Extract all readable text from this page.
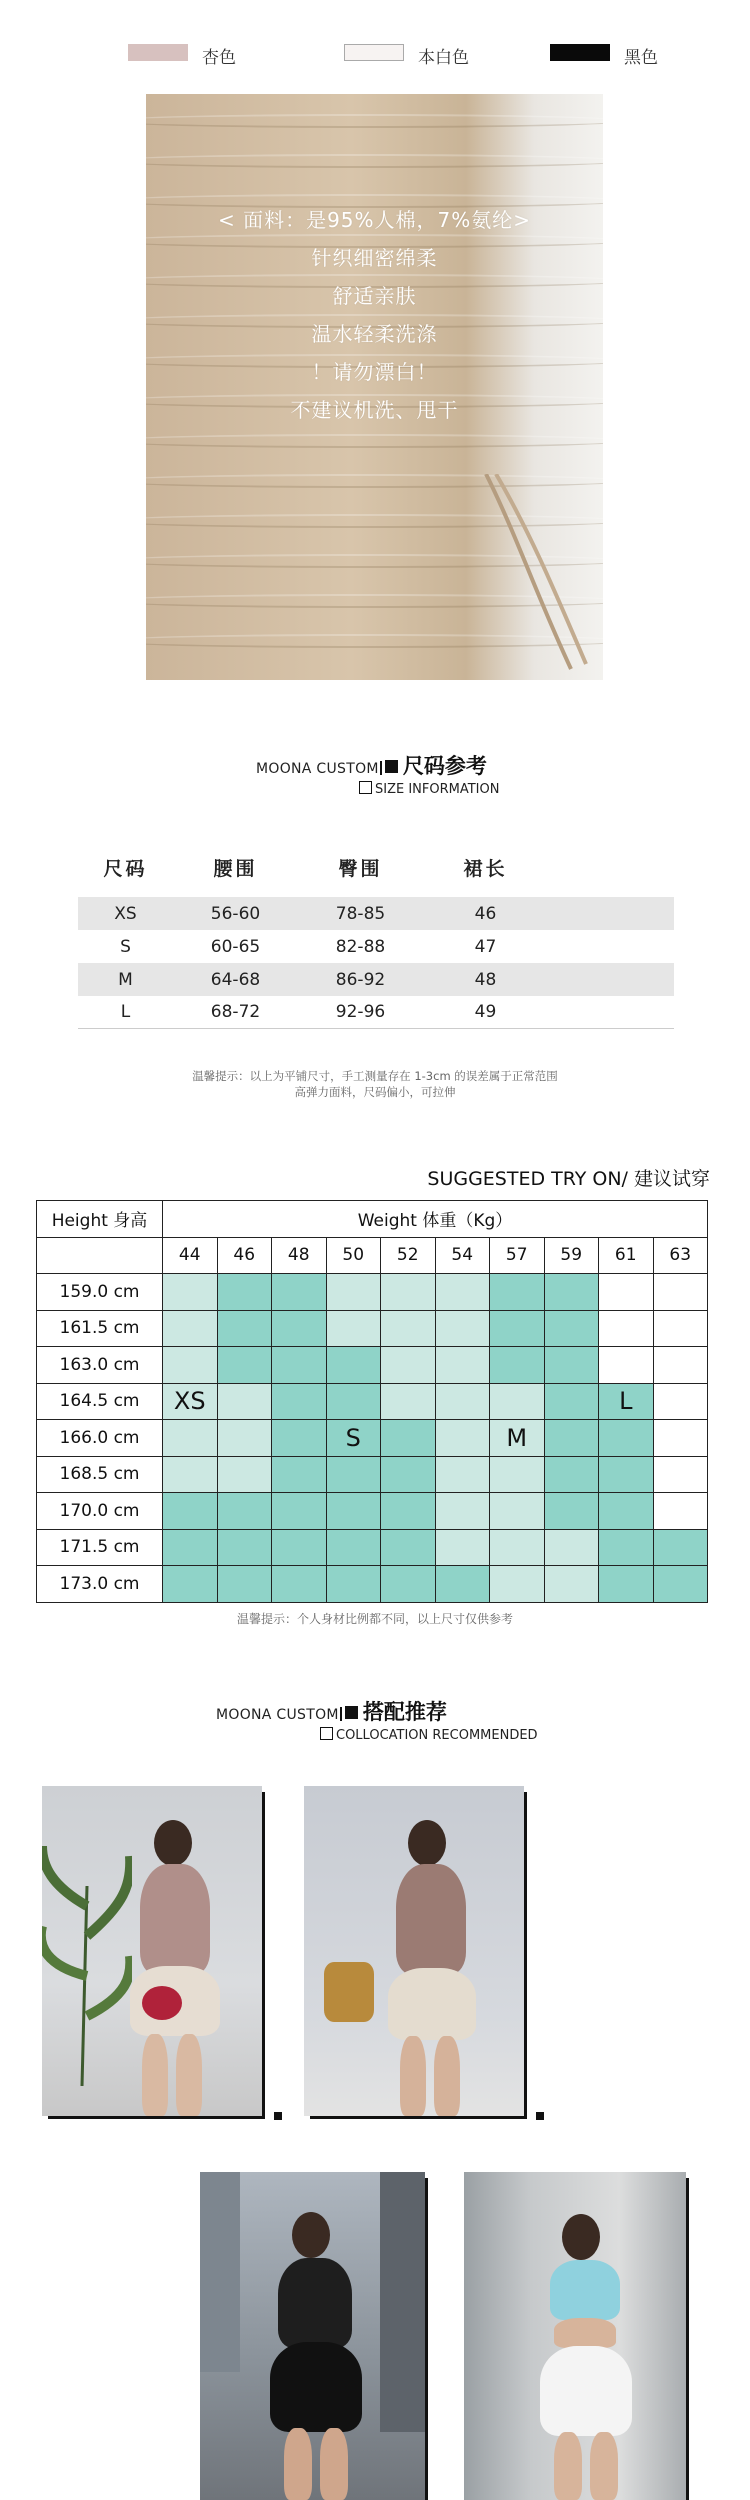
杏色	本白色	黑色
< 面料：是95%人棉，7%氨纶>
针织细密绵柔
舒适亲肤
温水轻柔洗涤
！请勿漂白！
不建议机洗、甩干
MOONA CUSTOM 尺码参考
SIZE INFORMATION
尺码	腰围	臀围	裙长
XS	56-60	78-85	46
S	60-65	82-88	47
M	64-68	86-92	48
L	68-72	92-96	49
温馨提示：以上为平铺尺寸，手工测量存在 1-3cm 的误差属于正常范围
高弹力面料，尺码偏小，可拉伸
SUGGESTED TRY ON/ 建议试穿
Height 身高	Weight 体重（Kg）									
	44	46	48	50	52	54	57	59	61	63
159.0 cm										
161.5 cm										
163.0 cm										
164.5 cm	XS								L	
166.0 cm				S			M			
168.5 cm										
170.0 cm										
171.5 cm										
173.0 cm										
温馨提示：个人身材比例都不同，以上尺寸仅供参考
MOONA CUSTOM 搭配推荐
COLLOCATION RECOMMENDED
